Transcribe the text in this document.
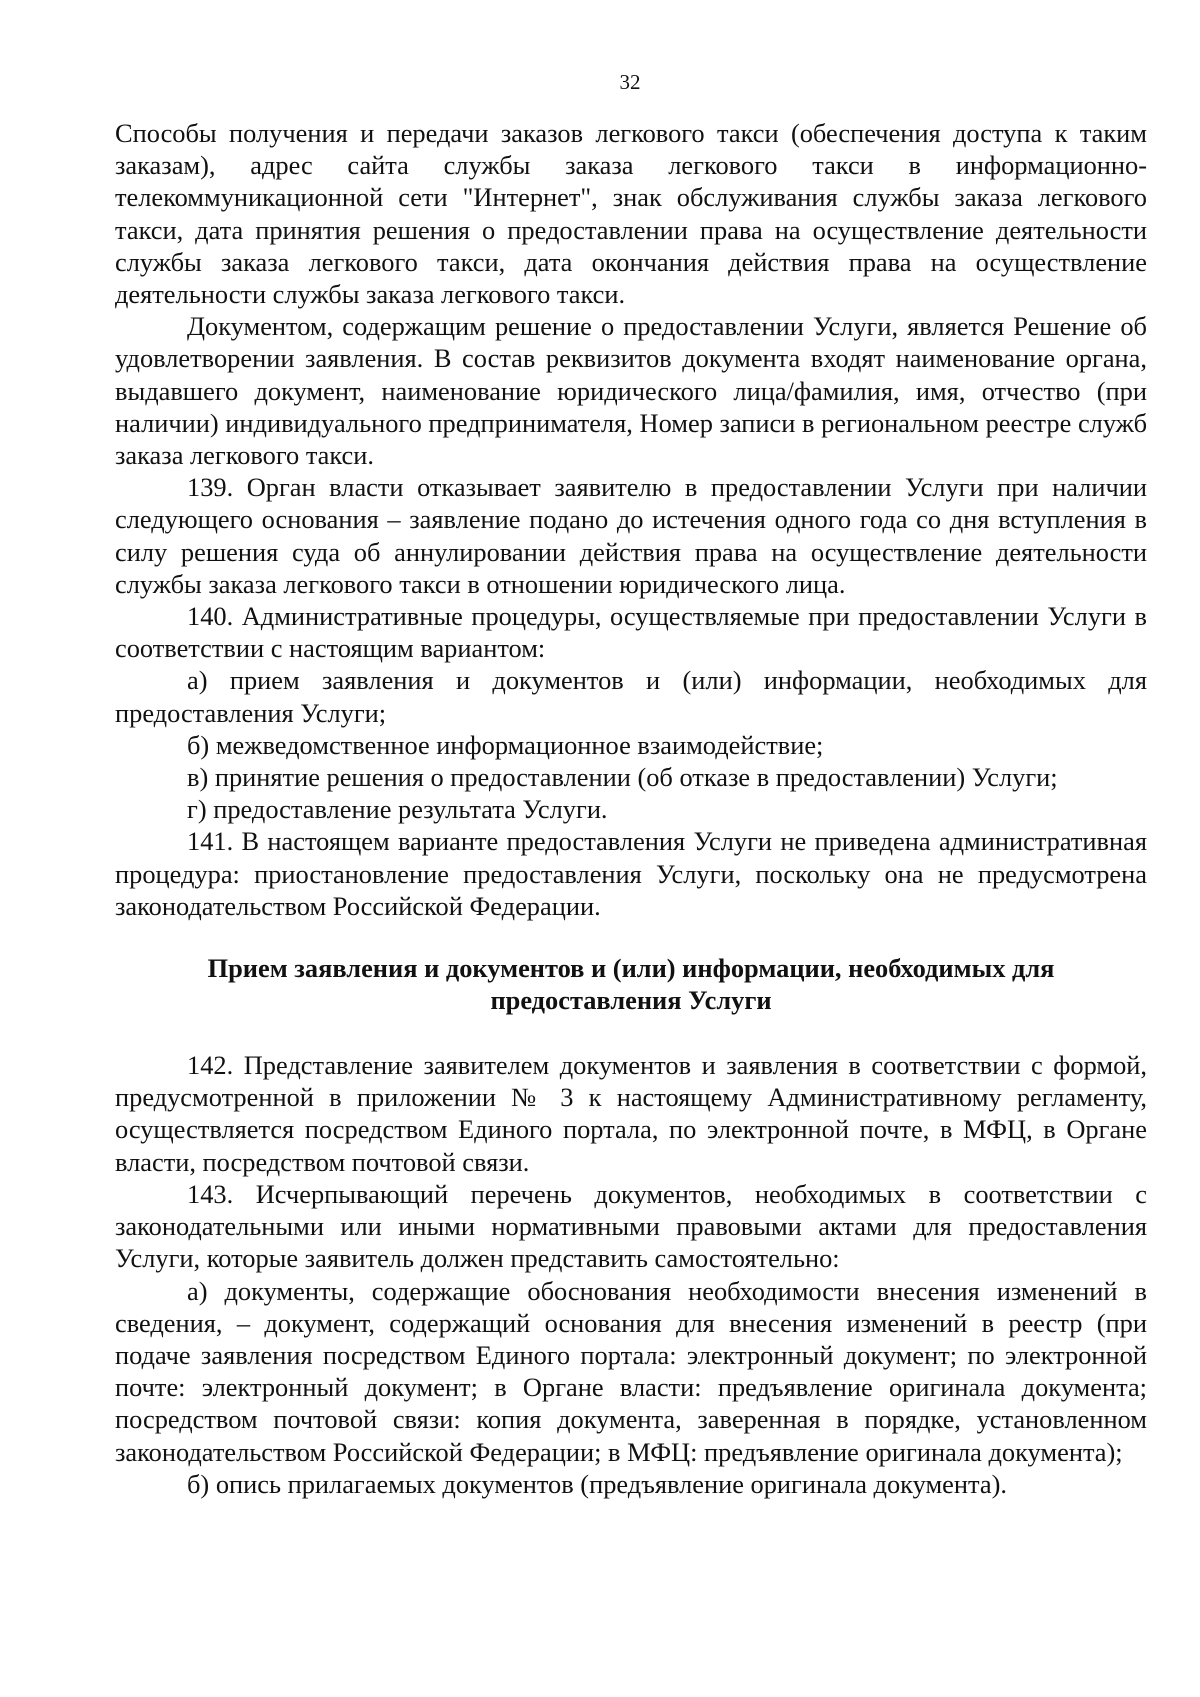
32

Способы получения и передачи заказов легкового такси (обеспечения доступа к таким заказам), адрес сайта службы заказа легкового такси в информационно-телекоммуникационной сети "Интернет", знак обслуживания службы заказа легкового такси, дата принятия решения о предоставлении права на осуществление деятельности службы заказа легкового такси, дата окончания действия права на осуществление деятельности службы заказа легкового такси.

Документом, содержащим решение о предоставлении Услуги, является Решение об удовлетворении заявления. В состав реквизитов документа входят наименование органа, выдавшего документ, наименование юридического лица/фамилия, имя, отчество (при наличии) индивидуального предпринимателя, Номер записи в региональном реестре служб заказа легкового такси.

139. Орган власти отказывает заявителю в предоставлении Услуги при наличии следующего основания – заявление подано до истечения одного года со дня вступления в силу решения суда об аннулировании действия права на осуществление деятельности службы заказа легкового такси в отношении юридического лица.

140. Административные процедуры, осуществляемые при предоставлении Услуги в соответствии с настоящим вариантом:

а) прием заявления и документов и (или) информации, необходимых для предоставления Услуги;

б) межведомственное информационное взаимодействие;

в) принятие решения о предоставлении (об отказе в предоставлении) Услуги;

г) предоставление результата Услуги.

141. В настоящем варианте предоставления Услуги не приведена административная процедура: приостановление предоставления Услуги, поскольку она не предусмотрена законодательством Российской Федерации.

Прием заявления и документов и (или) информации, необходимых для предоставления Услуги

142. Представление заявителем документов и заявления в соответствии с формой, предусмотренной в приложении № 3 к настоящему Административному регламенту, осуществляется посредством Единого портала, по электронной почте, в МФЦ, в Органе власти, посредством почтовой связи.

143. Исчерпывающий перечень документов, необходимых в соответствии с законодательными или иными нормативными правовыми актами для предоставления Услуги, которые заявитель должен представить самостоятельно:

а) документы, содержащие обоснования необходимости внесения изменений в сведения, – документ, содержащий основания для внесения изменений в реестр (при подаче заявления посредством Единого портала: электронный документ; по электронной почте: электронный документ; в Органе власти: предъявление оригинала документа; посредством почтовой связи: копия документа, заверенная в порядке, установленном законодательством Российской Федерации; в МФЦ: предъявление оригинала документа);

б) опись прилагаемых документов (предъявление оригинала документа).
